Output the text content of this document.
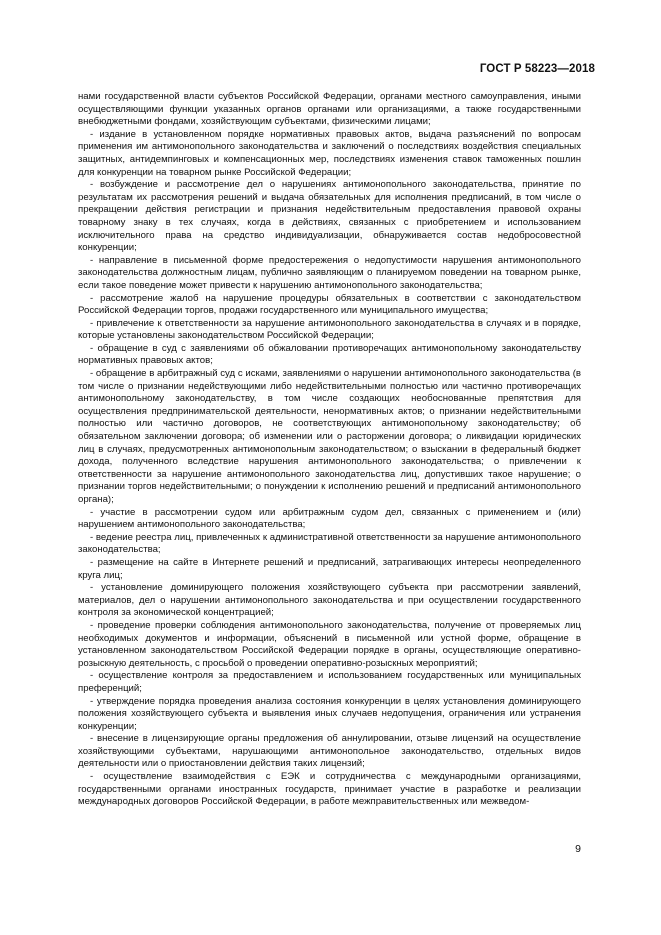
ГОСТ Р 58223—2018

нами государственной власти субъектов Российской Федерации, органами местного самоуправления, иными осуществляющими функции указанных органов органами или организациями, а также государственными внебюджетными фондами, хозяйствующим субъектами, физическими лицами;

- издание в установленном порядке нормативных правовых актов, выдача разъяснений по вопросам применения им антимонопольного законодательства и заключений о последствиях воздействия специальных защитных, антидемпинговых и компенсационных мер, последствиях изменения ставок таможенных пошлин для конкуренции на товарном рынке Российской Федерации;

- возбуждение и рассмотрение дел о нарушениях антимонопольного законодательства, принятие по результатам их рассмотрения решений и выдача обязательных для исполнения предписаний, в том числе о прекращении действия регистрации и признания недействительным предоставления правовой охраны товарному знаку в тех случаях, когда в действиях, связанных с приобретением и использованием исключительного права на средство индивидуализации, обнаруживается состав недобросовестной конкуренции;

- направление в письменной форме предостережения о недопустимости нарушения антимонопольного законодательства должностным лицам, публично заявляющим о планируемом поведении на товарном рынке, если такое поведение может привести к нарушению антимонопольного законодательства;

- рассмотрение жалоб на нарушение процедуры обязательных в соответствии с законодательством Российской Федерации торгов, продажи государственного или муниципального имущества;

- привлечение к ответственности за нарушение антимонопольного законодательства в случаях и в порядке, которые установлены законодательством Российской Федерации;

- обращение в суд с заявлениями об обжаловании противоречащих антимонопольному законодательству нормативных правовых актов;

- обращение в арбитражный суд с исками, заявлениями о нарушении антимонопольного законодательства (в том числе о признании недействующими либо недействительными полностью или частично противоречащих антимонопольному законодательству, в том числе создающих необоснованные препятствия для осуществления предпринимательской деятельности, ненормативных актов; о признании недействительными полностью или частично договоров, не соответствующих антимонопольному законодательству; об обязательном заключении договора; об изменении или о расторжении договора; о ликвидации юридических лиц в случаях, предусмотренных антимонопольным законодательством; о взыскании в федеральный бюджет дохода, полученного вследствие нарушения антимонопольного законодательства; о привлечении к ответственности за нарушение антимонопольного законодательства лиц, допустивших такое нарушение; о признании торгов недействительными; о понуждении к исполнению решений и предписаний антимонопольного органа);

- участие в рассмотрении судом или арбитражным судом дел, связанных с применением и (или) нарушением антимонопольного законодательства;

- ведение реестра лиц, привлеченных к административной ответственности за нарушение антимонопольного законодательства;

- размещение на сайте в Интернете решений и предписаний, затрагивающих интересы неопределенного круга лиц;

- установление доминирующего положения хозяйствующего субъекта при рассмотрении заявлений, материалов, дел о нарушении антимонопольного законодательства и при осуществлении государственного контроля за экономической концентрацией;

- проведение проверки соблюдения антимонопольного законодательства, получение от проверяемых лиц необходимых документов и информации, объяснений в письменной или устной форме, обращение в установленном законодательством Российской Федерации порядке в органы, осуществляющие оперативно-розыскную деятельность, с просьбой о проведении оперативно-розыскных мероприятий;

- осуществление контроля за предоставлением и использованием государственных или муниципальных преференций;

- утверждение порядка проведения анализа состояния конкуренции в целях установления доминирующего положения хозяйствующего субъекта и выявления иных случаев недопущения, ограничения или устранения конкуренции;

- внесение в лицензирующие органы предложения об аннулировании, отзыве лицензий на осуществление хозяйствующими субъектами, нарушающими антимонопольное законодательство, отдельных видов деятельности или о приостановлении действия таких лицензий;

- осуществление взаимодействия с ЕЭК и сотрудничества с международными организациями, государственными органами иностранных государств, принимает участие в разработке и реализации международных договоров Российской Федерации, в работе межправительственных или межведом-

9
